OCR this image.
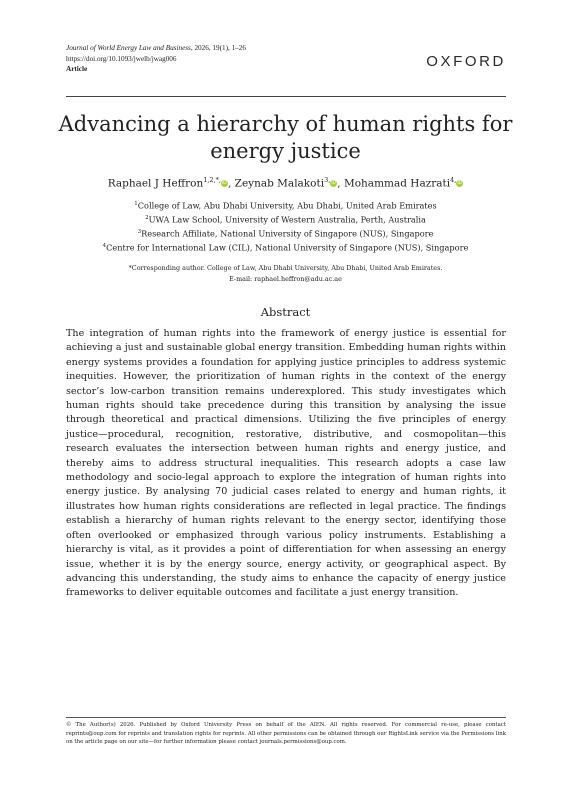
Journal of World Energy Law and Business, 2026, 19(1), 1–26
https://doi.org/10.1093/jwelb/jwag006
Article	OXFORD
Advancing a hierarchy of human rights for energy justice
Raphael J Heffron$^{1,2,*,}$iD, Zeynab Malakoti$^{3,}$iD, Mohammad Hazrati$^{4,}$iD
$^1$College of Law, Abu Dhabi University, Abu Dhabi, United Arab Emirates
$^2$UWA Law School, University of Western Australia, Perth, Australia
$^3$Research Affiliate, National University of Singapore (NUS), Singapore
$^4$Centre for International Law (CIL), National University of Singapore (NUS), Singapore
*Corresponding author. College of Law, Abu Dhabi University, Abu Dhabi, United Arab Emirates.
E-mail: raphael.heffron@adu.ac.ae
Abstract

The integration of human rights into the framework of energy justice is essential for achieving a just and sustainable global energy transition. Embedding human rights within energy systems provides a foundation for applying justice principles to address systemic inequities. However, the prioritization of human rights in the context of the energy sector’s low-carbon transition remains underexplored. This study investigates which human rights should take precedence during this transition by analysing the issue through theoretical and practical dimensions. Utilizing the five principles of energy justice—procedural, recognition, restorative, distributive, and cosmopolitan—this research evaluates the intersection between human rights and energy justice, and thereby aims to address structural inequalities. This research adopts a case law methodology and socio-legal approach to explore the integration of human rights into energy justice. By analysing 70 judicial cases related to energy and human rights, it illustrates how human rights considerations are reflected in legal practice. The findings establish a hierarchy of human rights relevant to the energy sector, identifying those often overlooked or emphasized through various policy instruments. Establishing a hierarchy is vital, as it provides a point of differentiation for when assessing an energy issue, whether it is by the energy source, energy activity, or geographical aspect. By advancing this understanding, the study aims to enhance the capacity of energy justice frameworks to deliver equitable outcomes and facilitate a just energy transition.

© The Author(s) 2026. Published by Oxford University Press on behalf of the AIEN. All rights reserved. For commercial re-use, please contact reprints@oup.com for reprints and translation rights for reprints. All other permissions can be obtained through our RightsLink service via the Permissions link on the article page on our site—for further information please contact journals.permissions@oup.com.
